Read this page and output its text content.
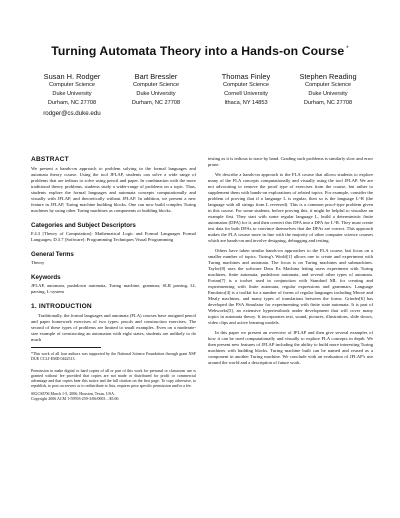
Turning Automata Theory into a Hands-on Course *
Susan H. Rodger
Computer Science
Duke University
Durham, NC 27708
Bart Bressler
Computer Science
Duke University
Durham, NC 27708
Thomas Finley
Computer Science
Cornell University
Ithaca, NY 14853
Stephen Reading
Computer Science
Duke University
Durham, NC 27708
rodger@cs.duke.edu
ABSTRACT

We present a hands-on approach to problem solving in the formal languages and automata theory course. Using the tool JFLAP, students can solve a wide range of problems that are tedious to solve using pencil and paper. In combination with the more traditional theory problems, students study a wider-range of problems on a topic. Thus, students explore the formal languages and automata concepts computationally and visually with JFLAP, and theoretically without JFLAP. In addition, we present a new feature in JFLAP, Turing machine building blocks. One can now build complex Turing machines by using other Turing machines as components or building blocks.

Categories and Subject Descriptors

F.4.3 [Theory of Computation]: Mathematical Logic and Formal Languages Formal Languages; D.3.7 [Software]: Programming Techniques Visual Programming

General Terms

Theory

Keywords

JFLAP, automata, pushdown automata, Turing machine, grammar, SLR parsing, LL parsing, L-system

1. INTRODUCTION

Traditionally, the formal languages and automata (FLA) courses have assigned pencil and paper homework exercises of two types: proofs and construction exercises. The second of these types of problems are limited to small examples. Even on a moderate-size example of constructing an automaton with eight states, students are unlikely to do much

*This work of all four authors was supported by the National Science Foundation through grant NSF DUE CCLI-EMD 0442513.

Permission to make digital or hard copies of all or part of this work for personal or classroom use is granted without fee provided that copies are not made or distributed for profit or commercial advantage and that copies bear this notice and the full citation on the first page. To copy otherwise, to republish, to post on servers or to redistribute to lists, requires prior specific permission and/or a fee.

SIGCSE'06 March 1-5, 2006, Houston, Texas, USA.

Copyright 2006 ACM 1-59593-259-3/06/0003 ...$5.00.

testing as it is tedious to trace by hand. Grading such problems is similarly slow and error prone.

We describe a hands-on approach to the FLA course that allows students to explore many of the FLA concepts computationally and visually using the tool JFLAP. We are not advocating to remove the proof type of exercises from the course, but rather to supplement them with hands-on explorations of related topics. For example, consider the problem of proving that if a language L is regular, then so is the language L^R (the language with all strings from L reversed). This is a common proof-type problem given in this course. For some students, before proving this, it might be helpful to visualize an example first. They start with some regular language L, build a deterministic finite automaton (DFA) for it, and then convert this DFA into a DFA for L^R. They must create test data for both DFAs to convince themselves that the DFAs are correct. This approach makes the FLA course more in line with the majority of other computer science courses which are hands-on and involve designing, debugging and testing.

Others have taken similar hands-on approaches to the FLA course, but focus on a smaller number of topics. Turing's World[1] allows one to create and experiment with Turing machines and automata. The focus is on Turing machines and submachines. Taylor[8] uses the software Deus Ex Machina letting users experiment with Turing machines, finite automata, pushdown automata, and several other types of automata. Fortan[7] is a toolset used in conjunction with Standard ML for creating and experimenting with finite automata, regular expressions and grammars. Language Emulator[4] is a toolkit for a number of forms of regular languages including Moore and Mealy machines, and many types of translations between the forms. Grinder[6] has developed the FSA Simulator for experimenting with finite state automata. It is part of Webworks[5], an extensive hypertextbook under development that will cover many topics in automata theory. It incorporates text, sound, pictures, illustrations, slide shows, video clips and active learning models.

In this paper we present an overview of JFLAP and then give several examples of how it can be used computationally and visually to explore FLA concepts in depth. We then present new features of JFLAP including the ability to build more interesting Turing machines with building blocks. Turing machine built can be named and reused as a component in another Turing machine. We conclude with an evaluation of JFLAP's use around the world and a description of future work.
